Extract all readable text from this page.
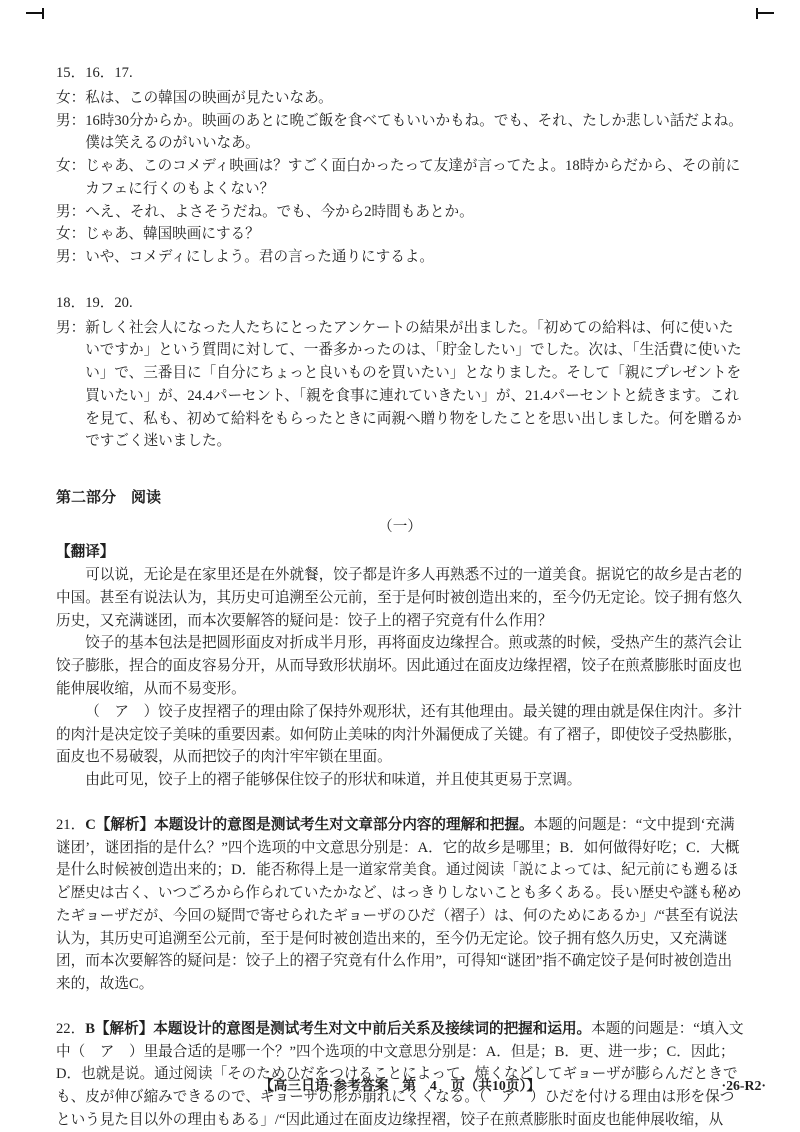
15．16．17.
女：私は、この韓国の映画が見たいなあ。
男：16時30分からか。映画のあとに晩ご飯を食べてもいいかもね。でも、それ、たしか悲しい話だよね。僕は笑えるのがいいなあ。
女：じゃあ、このコメディ映画は？すごく面白かったって友達が言ってたよ。18時からだから、その前にカフェに行くのもよくない？
男：へえ、それ、よさそうだね。でも、今から2時間もあとか。
女：じゃあ、韓国映画にする？
男：いや、コメディにしよう。君の言った通りにするよ。
18．19．20.
男：新しく社会人になった人たちにとったアンケートの結果が出ました。「初めての給料は、何に使いたいですか」という質問に対して、一番多かったのは、「貯金したい」でした。次は、「生活費に使いたい」で、三番目に「自分にちょっと良いものを買いたい」となりました。そして「親にプレゼントを買いたい」が、24.4パーセント、「親を食事に連れていきたい」が、21.4パーセントと続きます。これを見て、私も、初めて給料をもらったときに両親へ贈り物をしたことを思い出しました。何を贈るかですごく迷いました。
第二部分　阅读
（一）
【翻译】

可以说，无论是在家里还是在外就餐，饺子都是许多人再熟悉不过的一道美食。据说它的故乡是古老的中国。甚至有说法认为，其历史可追溯至公元前，至于是何时被创造出来的，至今仍无定论。饺子拥有悠久历史，又充满谜团，而本次要解答的疑问是：饺子上的褶子究竟有什么作用？

饺子的基本包法是把圆形面皮对折成半月形，再将面皮边缘捏合。煎或蒸的时候，受热产生的蒸汽会让饺子膨胀，捏合的面皮容易分开，从而导致形状崩坏。因此通过在面皮边缘捏褶，饺子在煎煮膨胀时面皮也能伸展收缩，从而不易变形。

（　ア　）饺子皮捏褶子的理由除了保持外观形状，还有其他理由。最关键的理由就是保住肉汁。多汁的肉汁是决定饺子美味的重要因素。如何防止美味的肉汁外漏便成了关键。有了褶子，即使饺子受热膨胀，面皮也不易破裂，从而把饺子的肉汁牢牢锁在里面。

由此可见，饺子上的褶子能够保住饺子的形状和味道，并且使其更易于烹调。

21．C【解析】本题设计的意图是测试考生对文章部分内容的理解和把握。本题的问题是：“文中提到‘充满谜团’，谜团指的是什么？”四个选项的中文意思分别是：A．它的故乡是哪里；B．如何做得好吃；C．大概是什么时候被创造出来的；D．能否称得上是一道家常美食。通过阅读「説によっては、紀元前にも遡るほど歴史は古く、いつごろから作られていたかなど、はっきりしないことも多くある。長い歴史や謎も秘めたギョーザだが、今回の疑問で寄せられたギョーザのひだ（褶子）は、何のためにあるか」/“甚至有说法认为，其历史可追溯至公元前，至于是何时被创造出来的，至今仍无定论。饺子拥有悠久历史，又充满谜团，而本次要解答的疑问是：饺子上的褶子究竟有什么作用”，可得知“谜团”指不确定饺子是何时被创造出来的，故选C。

22．B【解析】本题设计的意图是测试考生对文中前后关系及接续词的把握和运用。本题的问题是：“填入文中（　ア　）里最合适的是哪一个？”四个选项的中文意思分别是：A．但是；B．更、进一步；C．因此；D．也就是说。通过阅读「そのためひだをつけることによって、焼くなどしてギョーザが膨らんだときでも、皮が伸び縮みできるので、ギョーザの形が崩れにくくなる。（　ア　）ひだを付ける理由は形を保つという見た目以外の理由もある」/“因此通过在面皮边缘捏褶，饺子在煎煮膨胀时面皮也能伸展收缩，从

【高三日语·参考答案　第　4　页（共10页）】	·26-R2·
